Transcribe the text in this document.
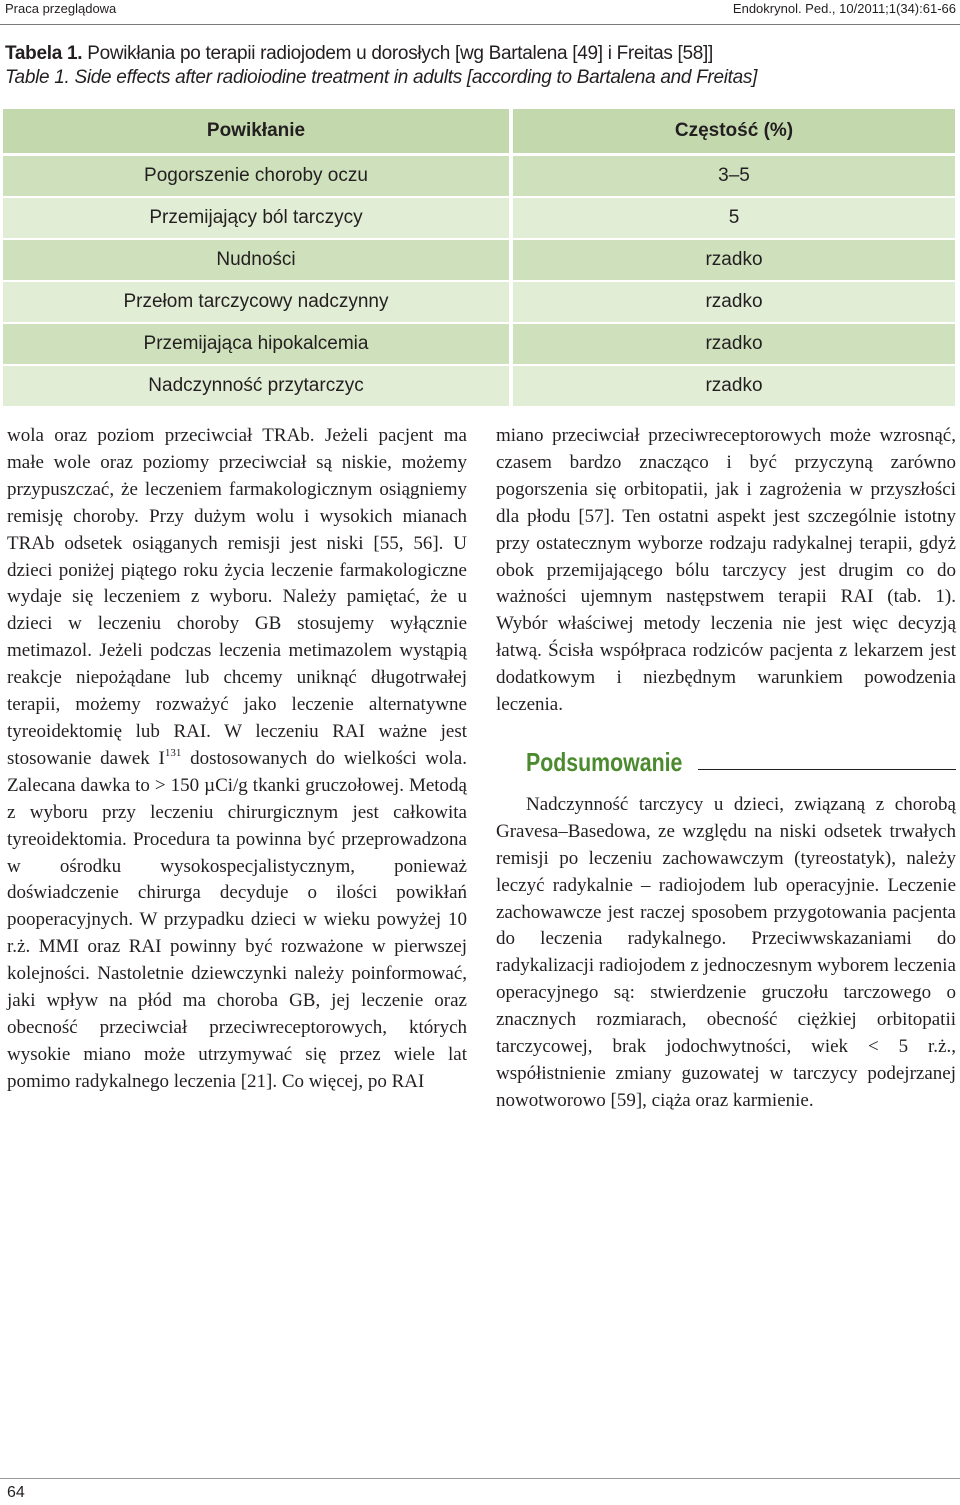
Praca przeglądowa	Endokrynol. Ped., 10/2011;1(34):61-66
Tabela 1. Powikłania po terapii radiojodem u dorosłych [wg Bartalena [49] i Freitas [58]]
Table 1. Side effects after radioiodine treatment in adults [according to Bartalena and Freitas]
Powikłanie	Częstość (%)
Pogorszenie choroby oczu	3–5
Przemijający ból tarczycy	5
Nudności	rzadko
Przełom tarczycowy nadczynny	rzadko
Przemijająca hipokalcemia	rzadko
Nadczynność przytarczyc	rzadko

wola oraz poziom przeciwciał TRAb. Jeżeli pacjent ma małe wole oraz poziomy przeciwciał są niskie, możemy przypuszczać, że leczeniem farmakologicznym osiągniemy remisję choroby. Przy dużym wolu i wysokich mianach TRAb odsetek osiąganych remisji jest niski [55, 56]. U dzieci poniżej piątego roku życia leczenie farmakologiczne wydaje się leczeniem z wyboru. Należy pamiętać, że u dzieci w leczeniu choroby GB stosujemy wyłącznie metimazol. Jeżeli podczas leczenia metimazolem wystąpią reakcje niepożądane lub chcemy uniknąć długotrwałej terapii, możemy rozważyć jako leczenie alternatywne tyreoidektomię lub RAI. W leczeniu RAI ważne jest stosowanie dawek $I^{131}$ dostosowanych do wielkości wola. Zalecana dawka to > 150 µCi/g tkanki gruczołowej. Metodą z wyboru przy leczeniu chirurgicznym jest całkowita tyreoidektomia. Procedura ta powinna być przeprowadzona w ośrodku wysokospecjalistycznym, ponieważ doświadczenie chirurga decyduje o ilości powikłań pooperacyjnych. W przypadku dzieci w wieku powyżej 10 r.ż. MMI oraz RAI powinny być rozważone w pierwszej kolejności. Nastoletnie dziewczynki należy poinformować, jaki wpływ na płód ma choroba GB, jej leczenie oraz obecność przeciwciał przeciwreceptorowych, których wysokie miano może utrzymywać się przez wiele lat pomimo radykalnego leczenia [21]. Co więcej, po RAI

miano przeciwciał przeciwreceptorowych może wzrosnąć, czasem bardzo znacząco i być przyczyną zarówno pogorszenia się orbitopatii, jak i zagrożenia w przyszłości dla płodu [57]. Ten ostatni aspekt jest szczególnie istotny przy ostatecznym wyborze rodzaju radykalnej terapii, gdyż obok przemijającego bólu tarczycy jest drugim co do ważności ujemnym następstwem terapii RAI (tab. 1). Wybór właściwej metody leczenia nie jest więc decyzją łatwą. Ścisła współpraca rodziców pacjenta z lekarzem jest dodatkowym i niezbędnym warunkiem powodzenia leczenia.

Podsumowanie

Nadczynność tarczycy u dzieci, związaną z chorobą Gravesa–Basedowa, ze względu na niski odsetek trwałych remisji po leczeniu zachowawczym (tyreostatyk), należy leczyć radykalnie – radiojodem lub operacyjnie. Leczenie zachowawcze jest raczej sposobem przygotowania pacjenta do leczenia radykalnego. Przeciwwskazaniami do radykalizacji radiojodem z jednoczesnym wyborem leczenia operacyjnego są: stwierdzenie gruczołu tarczowego o znacznych rozmiarach, obecność ciężkiej orbitopatii tarczycowej, brak jodochwytności, wiek < 5 r.ż., współistnienie zmiany guzowatej w tarczycy podejrzanej nowotworowo [59], ciąża oraz karmienie.

64
